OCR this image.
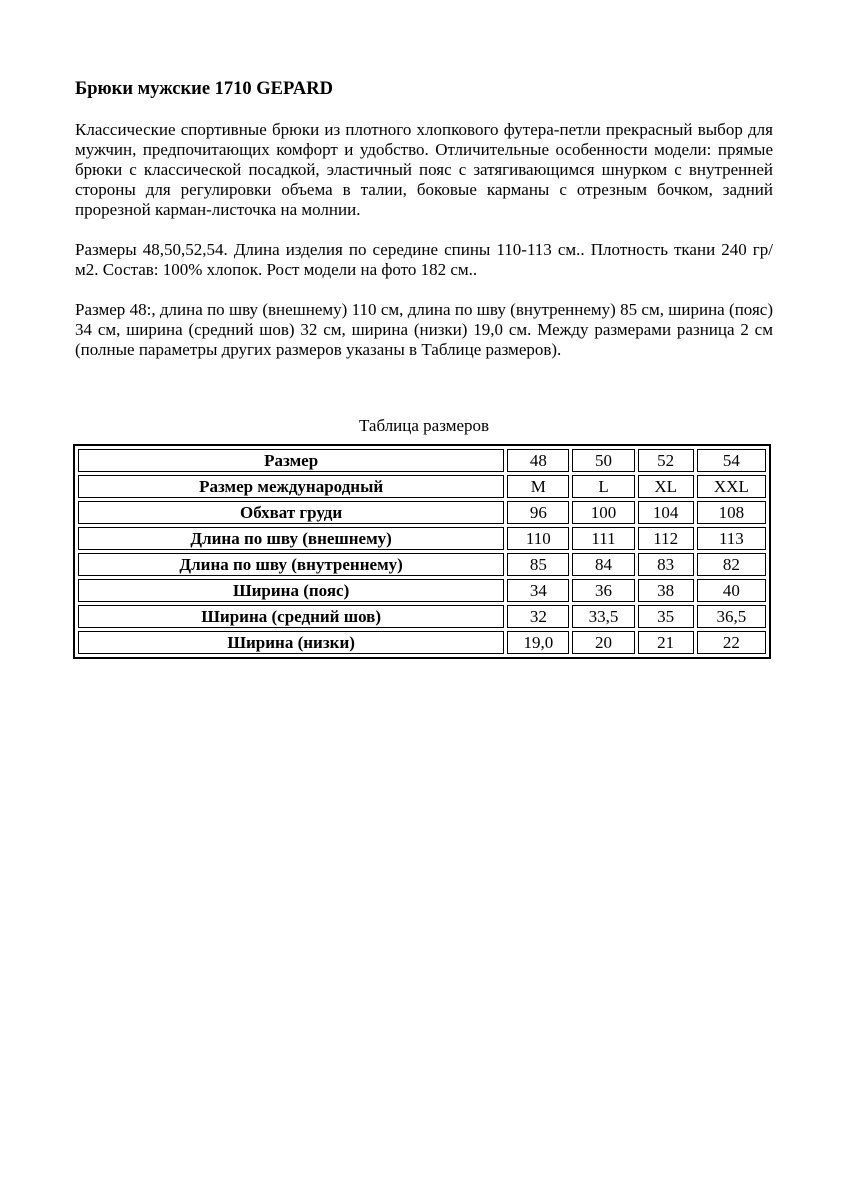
Брюки мужские 1710 GEPARD

Классические спортивные брюки из плотного хлопкового футера-петли прекрасный выбор для мужчин, предпочитающих комфорт и удобство. Отличительные особенности модели: прямые брюки с классической посадкой, эластичный пояс с затягивающимся шнурком с внутренней стороны для регулировки объема в талии, боковые карманы с отрезным бочком, задний прорезной карман-листочка на молнии.

Размеры 48,50,52,54. Длина изделия по середине спины 110-113 см.. Плотность ткани 240 гр/м2. Состав: 100% хлопок. Рост модели на фото 182 см..

Размер 48:, длина по шву (внешнему) 110 см, длина по шву (внутреннему) 85 см, ширина (пояс) 34 см, ширина (средний шов) 32 см, ширина (низки) 19,0 см. Между размерами разница 2 см (полные параметры других размеров указаны в Таблице размеров).

Таблица размеров
Размер	48	50	52	54
Размер международный	M	L	XL	XXL
Обхват груди	96	100	104	108
Длина по шву (внешнему)	110	111	112	113
Длина по шву (внутреннему)	85	84	83	82
Ширина (пояс)	34	36	38	40
Ширина (средний шов)	32	33,5	35	36,5
Ширина (низки)	19,0	20	21	22
